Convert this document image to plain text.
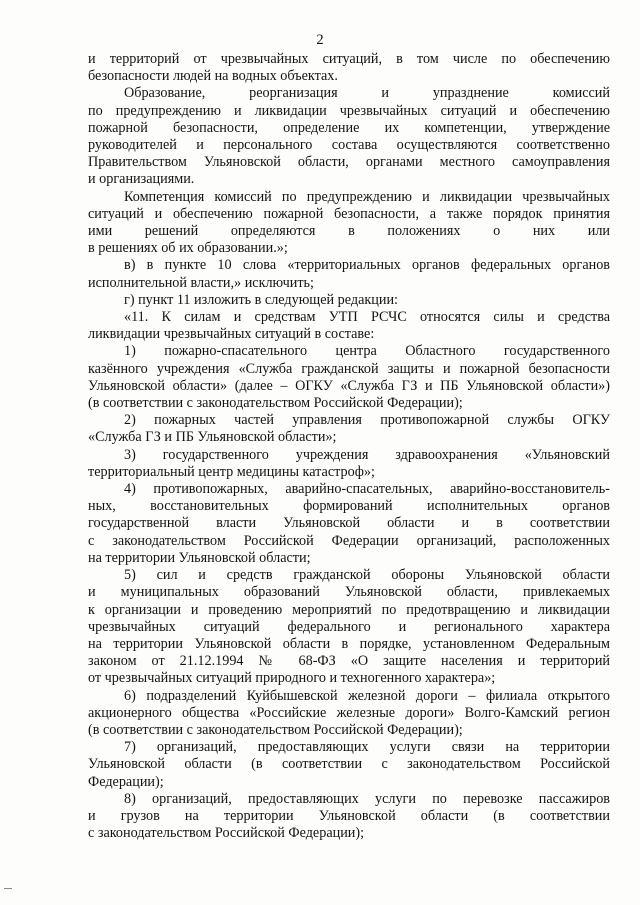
2
и территорий от чрезвычайных ситуаций, в том числе по обеспечению
безопасности людей на водных объектах.
Образование, реорганизация и упразднение комиссий
по предупреждению и ликвидации чрезвычайных ситуаций и обеспечению
пожарной безопасности, определение их компетенции, утверждение
руководителей и персонального состава осуществляются соответственно
Правительством Ульяновской области, органами местного самоуправления
и организациями.
Компетенция комиссий по предупреждению и ликвидации чрезвычайных
ситуаций и обеспечению пожарной безопасности, а также порядок принятия
ими решений определяются в положениях о них или
в решениях об их образовании.»;
в) в пункте 10 слова «территориальных органов федеральных органов
исполнительной власти,» исключить;
г) пункт 11 изложить в следующей редакции:
«11. К силам и средствам УТП РСЧС относятся силы и средства
ликвидации чрезвычайных ситуаций в составе:
1) пожарно-спасательного центра Областного государственного
казённого учреждения «Служба гражданской защиты и пожарной безопасности
Ульяновской области» (далее – ОГКУ «Служба ГЗ и ПБ Ульяновской области»)
(в соответствии с законодательством Российской Федерации);
2) пожарных частей управления противопожарной службы ОГКУ
«Служба ГЗ и ПБ Ульяновской области»;
3) государственного учреждения здравоохранения «Ульяновский
территориальный центр медицины катастроф»;
4) противопожарных, аварийно-спасательных, аварийно-восстановитель-
ных, восстановительных формирований исполнительных органов
государственной власти Ульяновской области и в соответствии
с законодательством Российской Федерации организаций, расположенных
на территории Ульяновской области;
5) сил и средств гражданской обороны Ульяновской области
и муниципальных образований Ульяновской области, привлекаемых
к организации и проведению мероприятий по предотвращению и ликвидации
чрезвычайных ситуаций федерального и регионального характера
на территории Ульяновской области в порядке, установленном Федеральным
законом от 21.12.1994 № 68-ФЗ «О защите населения и территорий
от чрезвычайных ситуаций природного и техногенного характера»;
6) подразделений Куйбышевской железной дороги – филиала открытого
акционерного общества «Российские железные дороги» Волго-Камский регион
(в соответствии с законодательством Российской Федерации);
7) организаций, предоставляющих услуги связи на территории
Ульяновской области (в соответствии с законодательством Российской
Федерации);
8) организаций, предоставляющих услуги по перевозке пассажиров
и грузов на территории Ульяновской области (в соответствии
с законодательством Российской Федерации);
